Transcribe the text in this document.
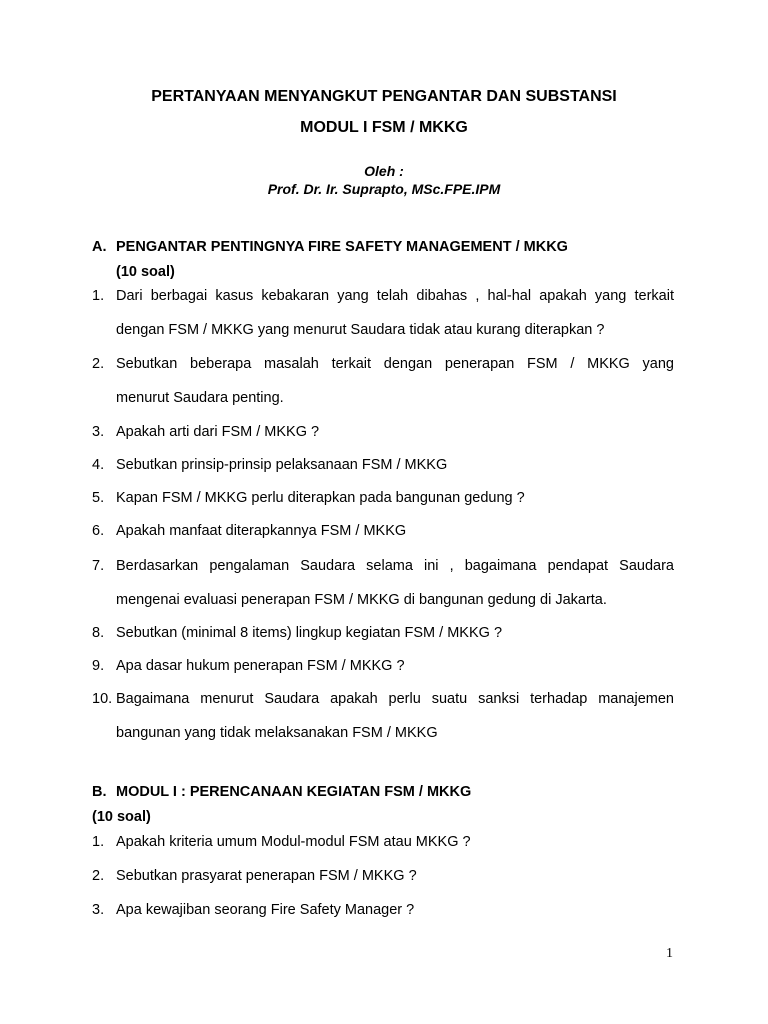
PERTANYAAN MENYANGKUT PENGANTAR DAN SUBSTANSI
MODUL I FSM / MKKG
Oleh :
Prof. Dr. Ir. Suprapto, MSc.FPE.IPM
A. PENGANTAR PENTINGNYA FIRE SAFETY MANAGEMENT / MKKG
(10 soal)
1. Dari berbagai kasus kebakaran yang telah dibahas , hal-hal apakah yang terkait
dengan FSM / MKKG yang menurut Saudara tidak atau kurang diterapkan ?
2. Sebutkan beberapa masalah terkait dengan penerapan FSM / MKKG yang
menurut Saudara penting.
3. Apakah arti dari FSM / MKKG ?
4. Sebutkan prinsip-prinsip pelaksanaan FSM / MKKG
5. Kapan FSM / MKKG perlu diterapkan pada bangunan gedung ?
6. Apakah manfaat diterapkannya FSM / MKKG
7. Berdasarkan pengalaman Saudara selama ini , bagaimana pendapat Saudara
mengenai evaluasi penerapan FSM / MKKG di bangunan gedung di Jakarta.
8. Sebutkan (minimal 8 items) lingkup kegiatan FSM / MKKG ?
9. Apa dasar hukum penerapan FSM / MKKG ?
10. Bagaimana menurut Saudara apakah perlu suatu sanksi terhadap manajemen
bangunan yang tidak melaksanakan FSM / MKKG
B. MODUL I : PERENCANAAN KEGIATAN FSM / MKKG
(10 soal)
1. Apakah kriteria umum Modul-modul FSM atau MKKG ?
2. Sebutkan prasyarat penerapan FSM / MKKG ?
3. Apa kewajiban seorang Fire Safety Manager ?
1
